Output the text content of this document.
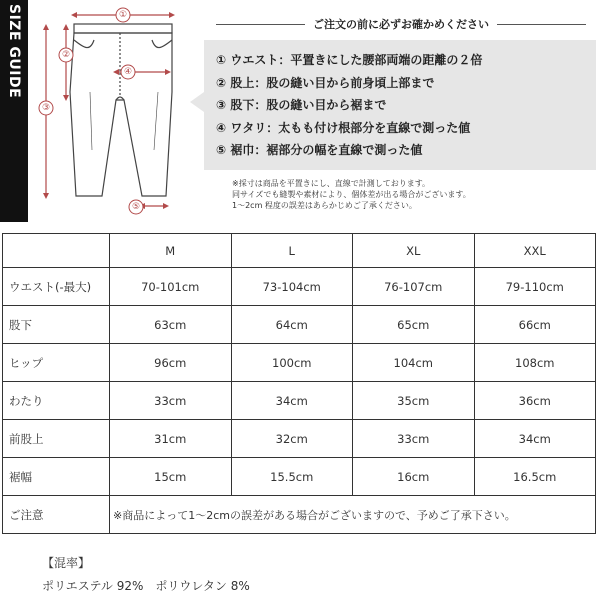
SIZE GUIDE	①
②
③
④
⑤
ご注文の前に必ずお確かめください
① ウエスト：平置きにした腰部両端の距離の２倍
② 股上：股の縫い目から前身頃上部まで
③ 股下：股の縫い目から裾まで
④ ワタリ：太もも付け根部分を直線で測った値
⑤ 裾巾：裾部分の幅を直線で測った値
※採寸は商品を平置きにし、直線で計測しております。
同サイズでも縫製や素材により、個体差が出る場合がございます。
1～2cm 程度の誤差はあらかじめご了承ください。
	M	L	XL	XXL
ウエスト(-最大)	70-101cm	73-104cm	76-107cm	79-110cm
股下	63cm	64cm	65cm	66cm
ヒップ	96cm	100cm	104cm	108cm
わたり	33cm	34cm	35cm	36cm
前股上	31cm	32cm	33cm	34cm
裾幅	15cm	15.5cm	16cm	16.5cm
ご注意	※商品によって1～2cmの誤差がある場合がございますので、予めご了承下さい。			
【混率】
ポリエステル 92%　ポリウレタン 8%
